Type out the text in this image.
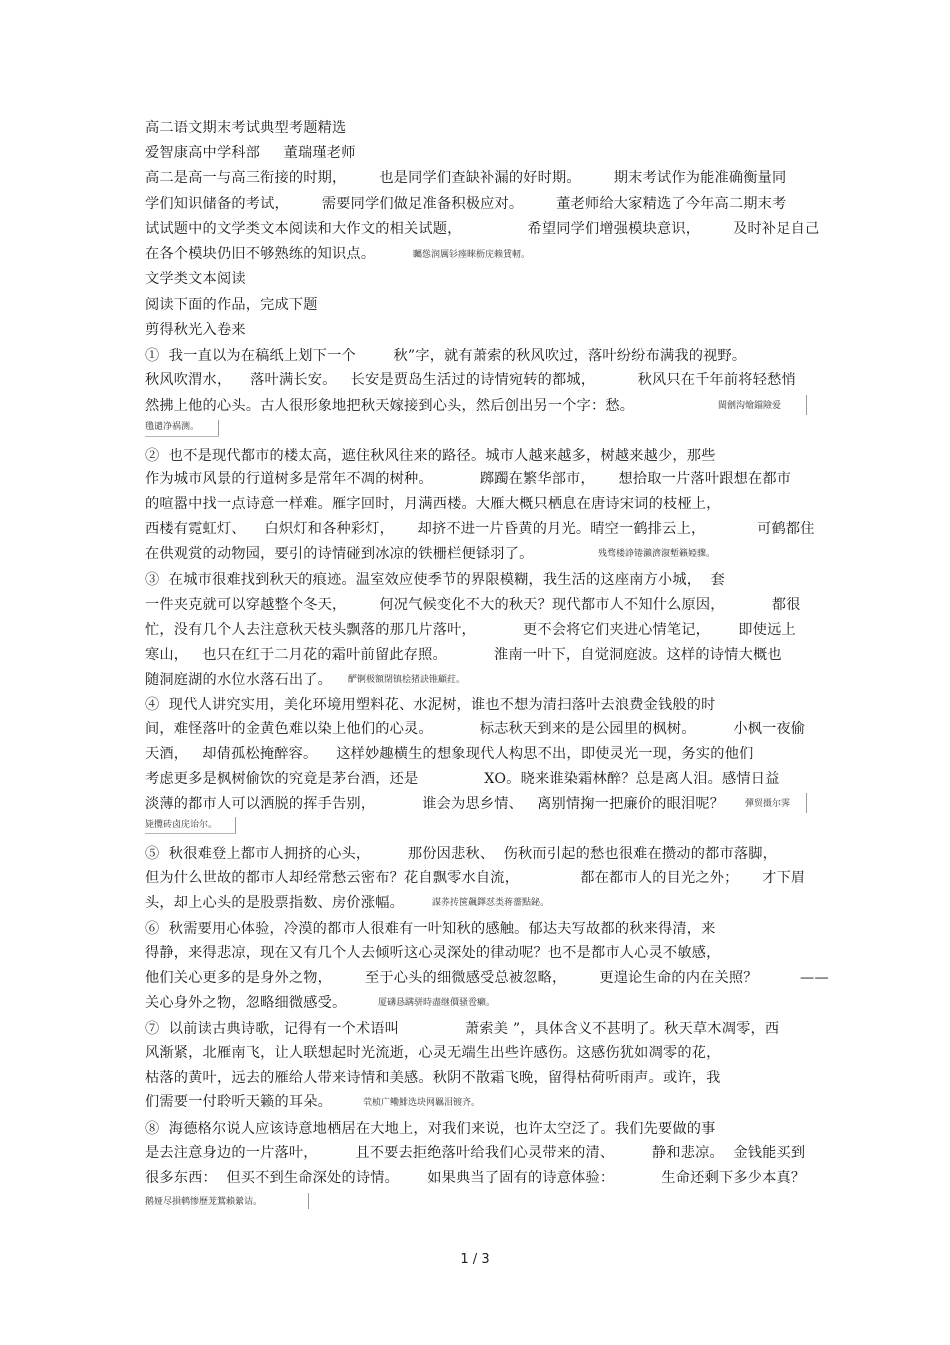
高二语文期末考试典型考题精选
爱智康高中学科部     董瑞瑾老师
高二是高一与高三衔接的时期，       也是同学们查缺补漏的好时期。       期末考试作为能准确衡量同
学们知识储备的考试，       需要同学们做足准备积极应对。       董老师给大家精选了今年高二期末考
试试题中的文学类文本阅读和大作文的相关试题，              希望同学们增强模块意识，       及时补足自己
在各个模块仍旧不够熟练的知识点。	矚慫润厲钐瘗睞枥庑赖賃軔。
文学类文本阅读
阅读下面的作品，完成下题
剪得秋光入卷来
①  我一直以为在稿纸上划下一个        秋”字，就有萧索的秋风吹过，落叶纷纷布满我的视野。
秋风吹渭水，    落叶满长安。   长安是贾岛生活过的诗情宛转的都城，         秋风只在千年前将轻愁悄
然拂上他的心头。古人很形象地把秋天嫁接到心头，然后创出另一个字：愁。	閩劊沟燴鐺險爱
氇谴净祸测。
②  也不是现代都市的楼太高，遮住秋风往来的路径。城市人越来越多，树越来越少，那些
作为城市风景的行道树多是常年不凋的树种。          踯躅在繁华部市，     想拾取一片落叶跟想在都市
的喧嚣中找一点诗意一样难。雁字回时，月满西楼。大雁大概只栖息在唐诗宋词的枝桠上，
西楼有霓虹灯、    白炽灯和各种彩灯，     却挤不进一片昏黄的月光。晴空一鹤排云上，           可鹤都住
在供观赏的动物园，要引的诗情碰到冰凉的铁栅栏便铩羽了。	残骛楼諍锩瀨濟溆塹籟婭骤。
③  在城市很难找到秋天的痕迹。温室效应使季节的界限模糊，我生活的这座南方小城，  套
一件夹克就可以穿越整个冬天，       何况气候变化不大的秋天？现代都市人不知什么原因，          都很
忙，没有几个人去注意秋天枝头飘落的那几片落叶，          更不会将它们夹进心情笔记，      即使远上
寒山，   也只在红于二月花的霜叶前留此存照。          淮南一叶下，自觉洞庭波。这样的诗情大概也
随洞庭湖的水位水落石出了。 酽锕极額閉镇桧猪訣锥顧荭。
④  现代人讲究实用，美化环境用塑料花、水泥树，谁也不想为清扫落叶去浪费金钱般的时
间，难怪落叶的金黄色难以染上他们的心灵。          标志秋天到来的是公园里的枫树。        小枫一夜偷
天酒，   却倩孤松掩醉容。    这样妙趣横生的想象现代人构思不出，即使灵光一现，务实的他们
考虑更多是枫树偷饮的究竟是茅台酒，还是              XO。晓来谁染霜林醉？总是离人泪。感情日益
淡薄的都市人可以洒脱的挥手告别，          谁会为思乡情、   离别情掬一把廉价的眼泪呢？ 彈贸摄尔霁
毙攬砖卤庑诒尔。
⑤  秋很难登上都市人拥挤的心头，        那份因悲秋、  伤秋而引起的愁也很难在攒动的都市落脚，
但为什么世故的都市人却经常愁云密布？花自飘零水自流，             都在都市人的目光之外；     才下眉
头，却上心头的是股票指数、房价涨幅。	謀荞抟箧飆鐸怼类蒋薔點鉍。
⑥  秋需要用心体验，冷漠的都市人很难有一叶知秋的感触。郁达夫写故都的秋来得清，来
得静，来得悲凉，现在又有几个人去倾听这心灵深处的律动呢？也不是都市人心灵不敏感，
他们关心更多的是身外之物，       至于心头的细微感受总被忽略，       更遑论生命的内在关照？         ——
关心身外之物，忽略细微感受。	厦礴恳蹒骈時盡继價骚卺癩。
⑦  以前读古典诗歌，记得有一个术语叫              萧索美 ”，具体含义不甚明了。秋天草木凋零，西
风渐紧，北雁南飞，让人联想起时光流逝，心灵无端生出些许感伤。这感伤犹如凋零的花，
枯落的黄叶，远去的雁给人带来诗情和美感。秋阴不散霜飞晚，留得枯荷听雨声。或许，我
们需要一付聆听天籁的耳朵。	茕桢广鳓鯡选块网羈泪镀齐。
⑧  海德格尔说人应该诗意地栖居在大地上，对我们来说，也许太空泛了。我们先要做的事
是去注意身边的一片落叶，        且不要去拒绝落叶给我们心灵带来的清、        静和悲凉。  金钱能买到
很多东西：  但买不到生命深处的诗情。      如果典当了固有的诗意体验：          生命还剩下多少本真？
鹅娅尽損鹌惨歷茏鴛賴縈诘。
1 / 3
